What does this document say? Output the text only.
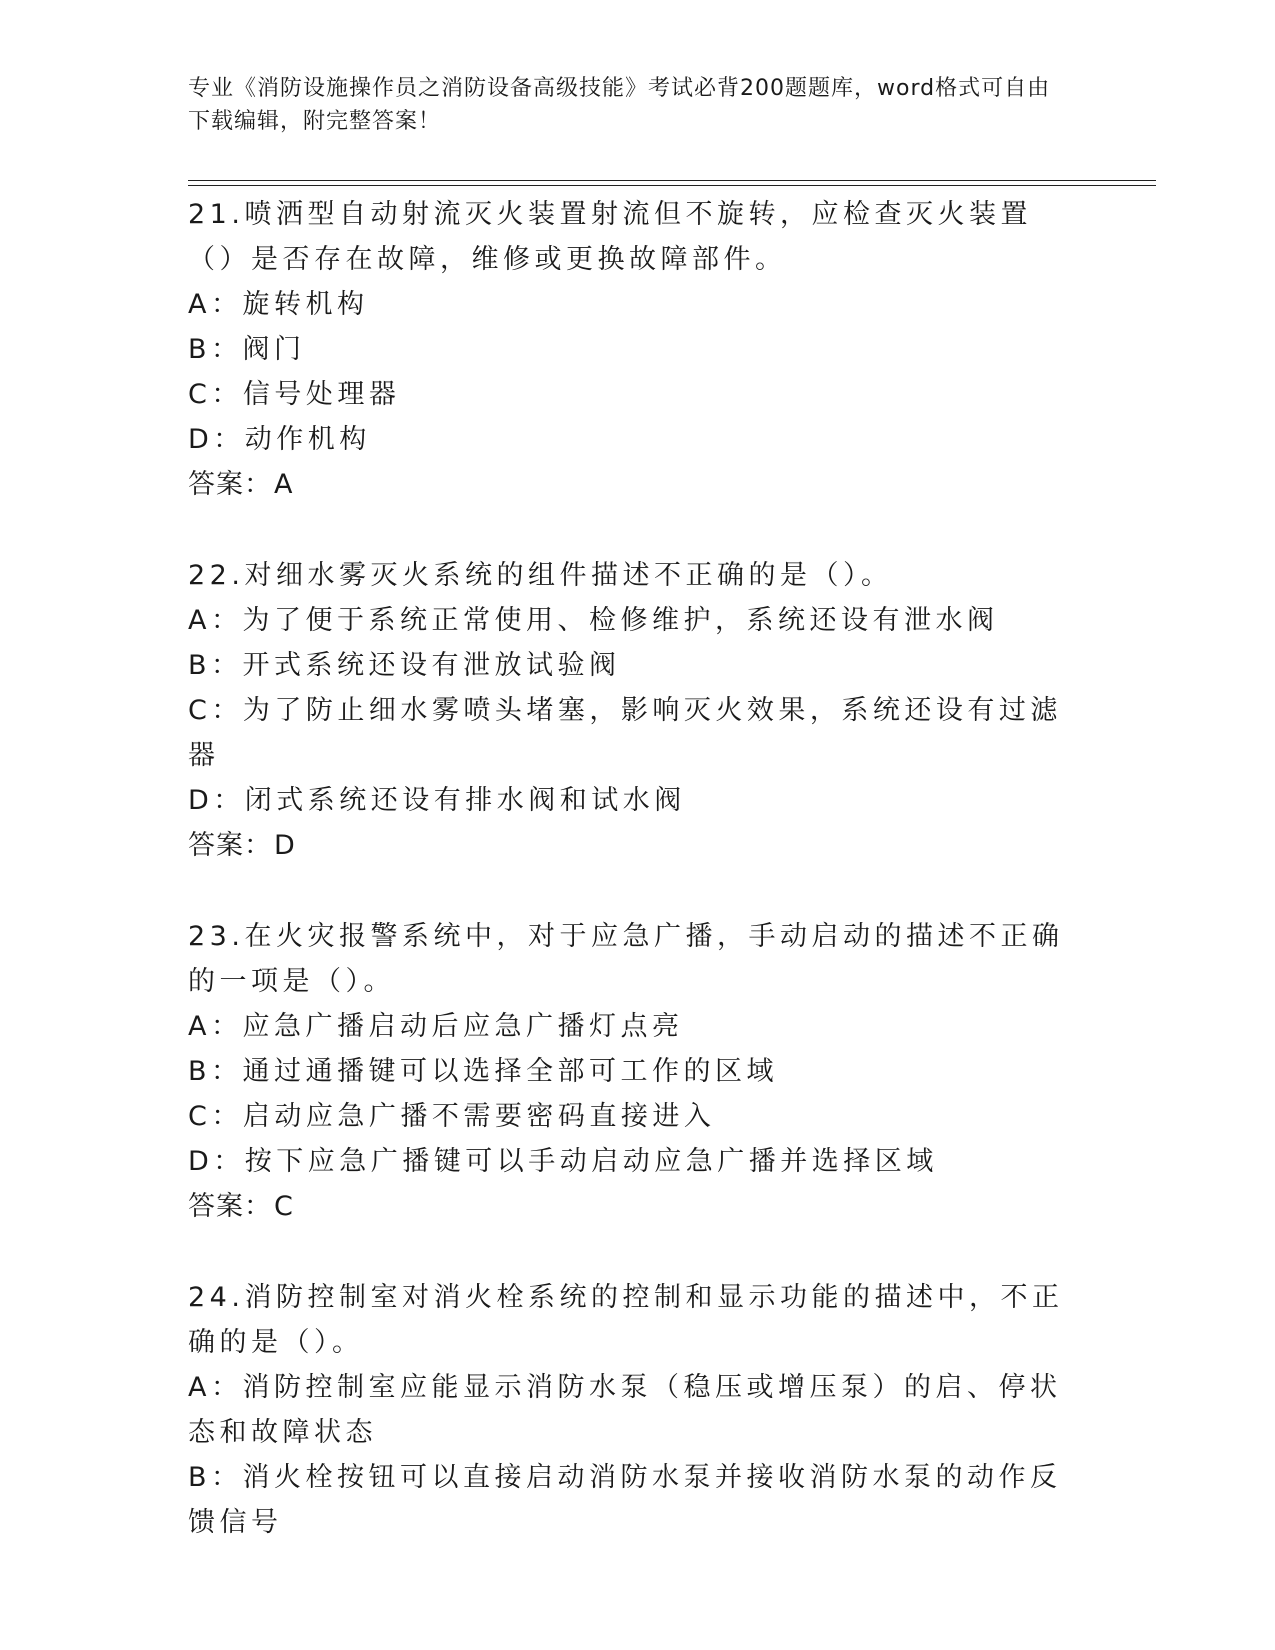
专业《消防设施操作员之消防设备高级技能》考试必背200题题库，word格式可自由下载编辑，附完整答案！
21.喷洒型自动射流灭火装置射流但不旋转，应检查灭火装置（）是否存在故障，维修或更换故障部件。
A：旋转机构
B：阀门
C：信号处理器
D：动作机构
答案：A
22.对细水雾灭火系统的组件描述不正确的是（）。
A：为了便于系统正常使用、检修维护，系统还设有泄水阀
B：开式系统还设有泄放试验阀
C：为了防止细水雾喷头堵塞，影响灭火效果，系统还设有过滤器
D：闭式系统还设有排水阀和试水阀
答案：D
23.在火灾报警系统中，对于应急广播，手动启动的描述不正确的一项是（）。
A：应急广播启动后应急广播灯点亮
B：通过通播键可以选择全部可工作的区域
C：启动应急广播不需要密码直接进入
D：按下应急广播键可以手动启动应急广播并选择区域
答案：C
24.消防控制室对消火栓系统的控制和显示功能的描述中，不正确的是（）。
A：消防控制室应能显示消防水泵（稳压或增压泵）的启、停状态和故障状态
B：消火栓按钮可以直接启动消防水泵并接收消防水泵的动作反馈信号
